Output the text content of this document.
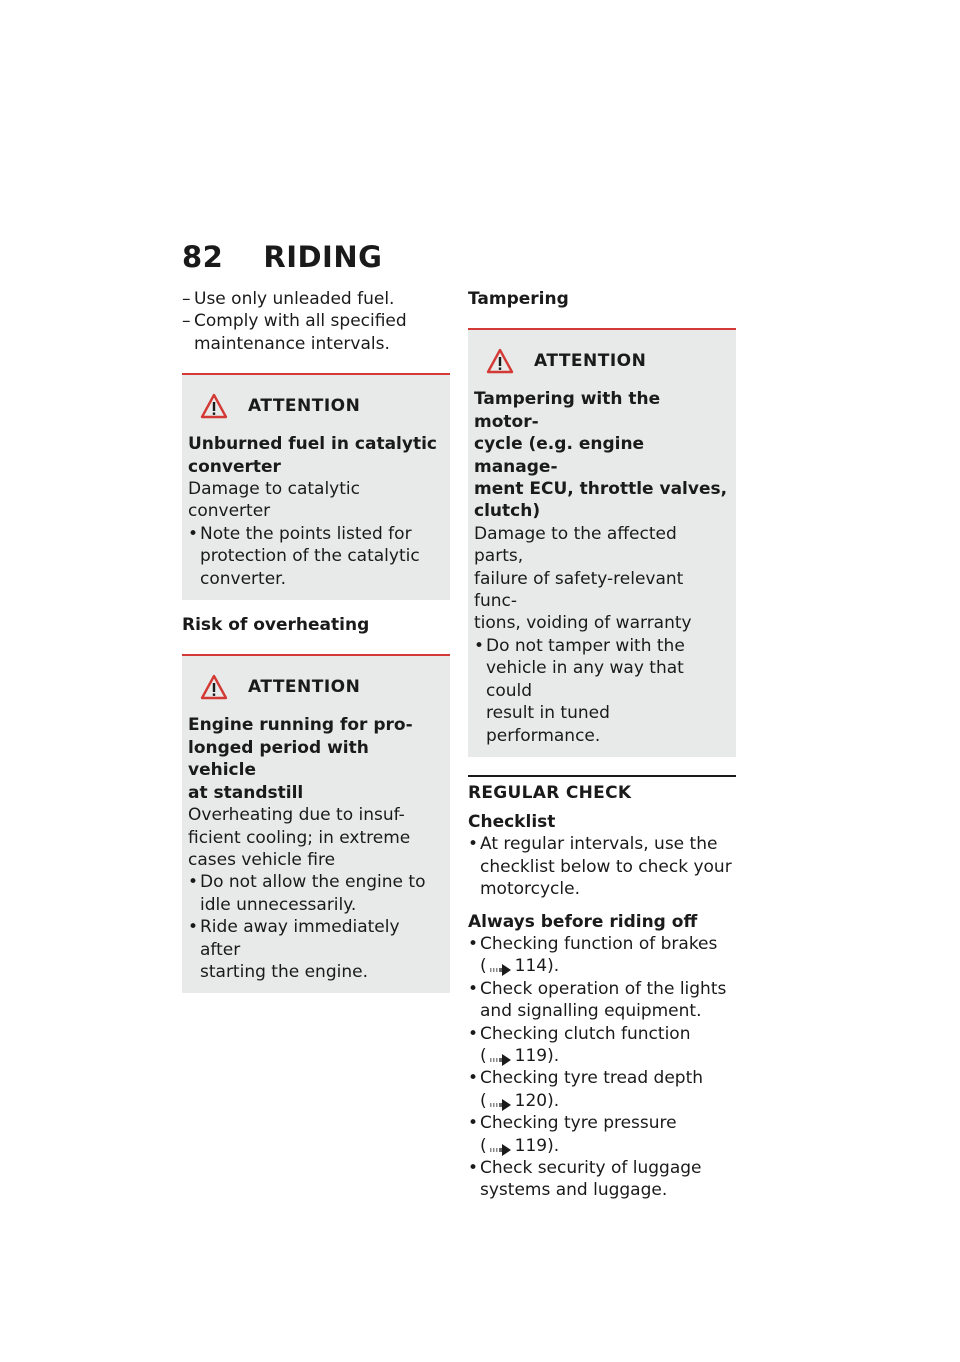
82 RIDING
– Use only unleaded fuel.
– Comply with all specified
maintenance intervals.
ATTENTION
Unburned fuel in catalytic
converter
Damage to catalytic converter
• Note the points listed for
protection of the catalytic
converter.
Risk of overheating
ATTENTION
Engine running for pro-
longed period with vehicle
at standstill
Overheating due to insuf-
ficient cooling; in extreme
cases vehicle fire
• Do not allow the engine to
idle unnecessarily.
• Ride away immediately after
starting the engine.
Tampering
ATTENTION
Tampering with the motor-
cycle (e.g. engine manage-
ment ECU, throttle valves,
clutch)
Damage to the affected parts,
failure of safety-relevant func-
tions, voiding of warranty
• Do not tamper with the
vehicle in any way that could
result in tuned performance.
REGULAR CHECK
Checklist
• At regular intervals, use the
checklist below to check your
motorcycle.
Always before riding off
• Checking function of brakes
( 114).
• Check operation of the lights
and signalling equipment.
• Checking clutch function
( 119).
• Checking tyre tread depth
( 120).
• Checking tyre pressure
( 119).
• Check security of luggage
systems and luggage.
